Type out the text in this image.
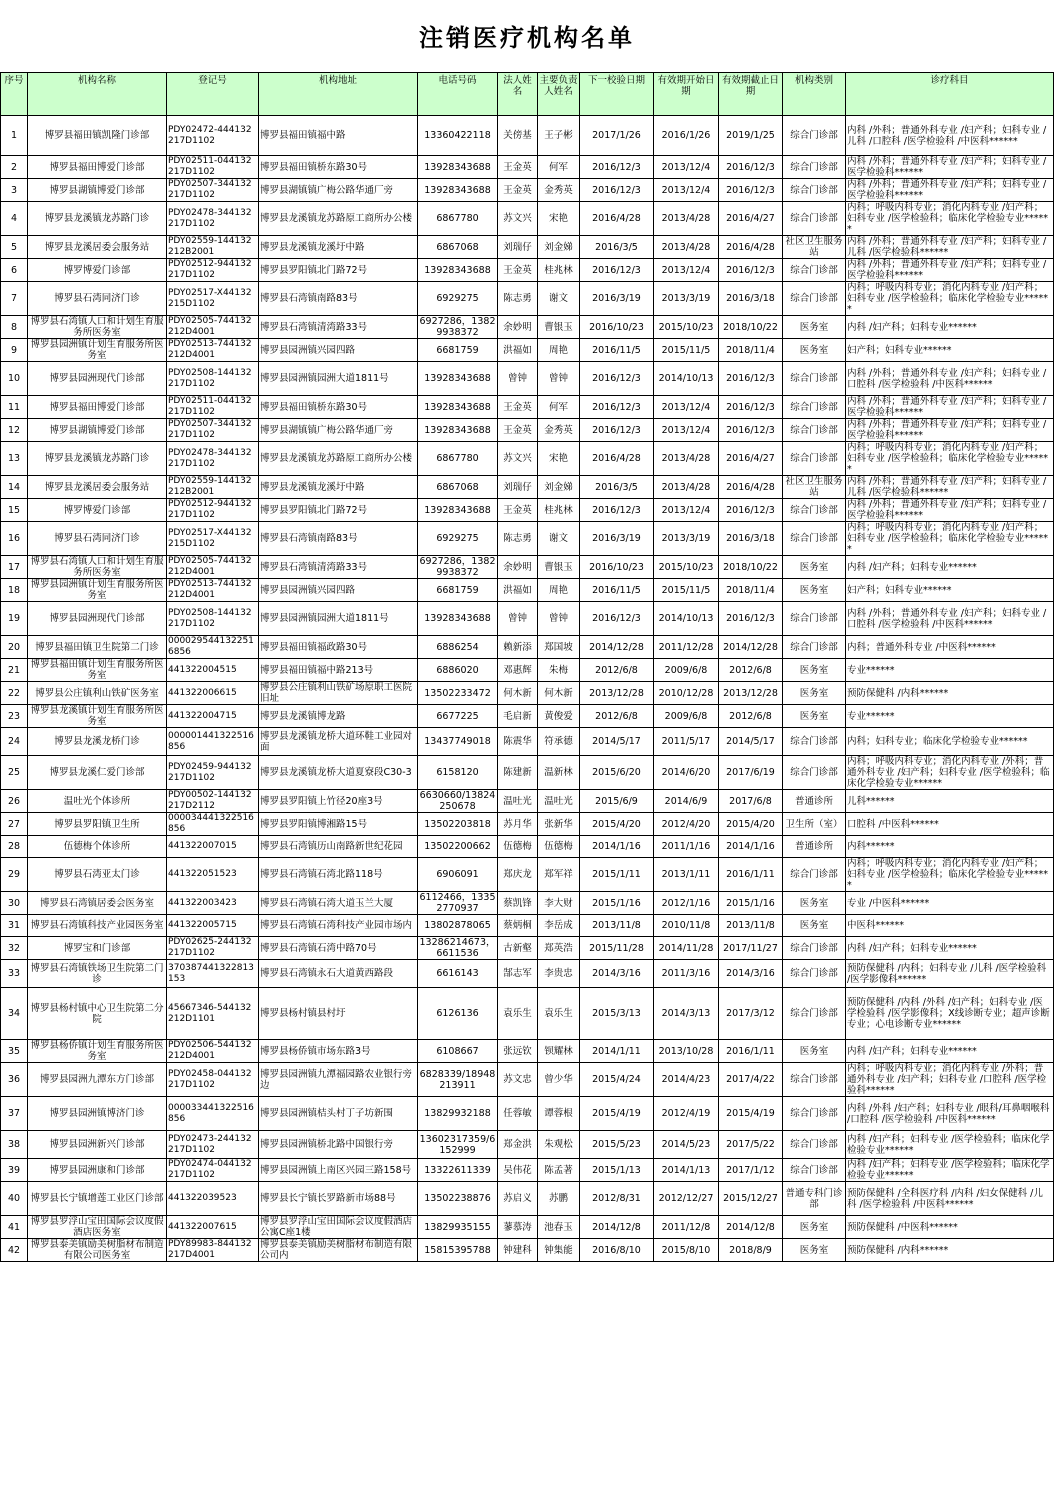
注销医疗机构名单
序号	机构名称	登记号	机构地址	电话号码	法人姓名	主要负责人姓名	下一校验日期	有效期开始日期	有效期截止日期	机构类别	诊疗科目
1	博罗县福田镇凯隆门诊部	PDY02472-444132217D1102	博罗县福田镇福中路	13360422118	关傍基	王子彬	2017/1/26	2016/1/26	2019/1/25	综合门诊部	内科 /外科；普通外科专业 /妇产科；妇科专业 /儿科 /口腔科 /医学检验科 /中医科******
2	博罗县福田博爱门诊部	PDY02511-044132217D1102	博罗县福田镇桥东路30号	13928343688	王金英	何军	2016/12/3	2013/12/4	2016/12/3	综合门诊部	内科 /外科；普通外科专业 /妇产科；妇科专业 /医学检验科******
3	博罗县湖镇博爱门诊部	PDY02507-344132217D1102	博罗县湖镇镇广梅公路华通厂旁	13928343688	王金英	金秀英	2016/12/3	2013/12/4	2016/12/3	综合门诊部	内科 /外科；普通外科专业 /妇产科；妇科专业 /医学检验科******
4	博罗县龙溪镇龙苏路门诊	PDY02478-344132217D1102	博罗县龙溪镇龙苏路原工商所办公楼	6867780	苏文兴	宋艳	2016/4/28	2013/4/28	2016/4/27	综合门诊部	内科；呼吸内科专业；消化内科专业 /妇产科；妇科专业 /医学检验科；临床化学检验专业******
5	博罗县龙溪居委会服务站	PDY02559-144132212B2001	博罗县龙溪镇龙溪圩中路	6867068	刘瑞仔	刘金娣	2016/3/5	2013/4/28	2016/4/28	社区卫生服务站	内科 /外科；普通外科专业 /妇产科；妇科专业 /儿科 /医学检验科******
6	博罗博爱门诊部	PDY02512-944132217D1102	博罗县罗阳镇北门路72号	13928343688	王金英	桂兆林	2016/12/3	2013/12/4	2016/12/3	综合门诊部	内科 /外科；普通外科专业 /妇产科；妇科专业 /医学检验科******
7	博罗县石湾同济门诊	PDY02517-X44132215D1102	博罗县石湾镇南路83号	6929275	陈志勇	谢文	2016/3/19	2013/3/19	2016/3/18	综合门诊部	内科；呼吸内科专业；消化内科专业 /妇产科；妇科专业 /医学检验科；临床化学检验专业******
8	博罗县石湾镇人口和计划生育服务所医务室	PDY02505-744132212D4001	博罗县石湾镇清湾路33号	6927286，13829938372	余妙明	曹银玉	2016/10/23	2015/10/23	2018/10/22	医务室	内科 /妇产科；妇科专业******
9	博罗县园洲镇计划生育服务所医务室	PDY02513-744132212D4001	博罗县园洲镇兴园四路	6681759	洪福如	周艳	2016/11/5	2015/11/5	2018/11/4	医务室	妇产科；妇科专业******
10	博罗县园洲现代门诊部	PDY02508-144132217D1102	博罗县园洲镇园洲大道1811号	13928343688	曾钟	曾钟	2016/12/3	2014/10/13	2016/12/3	综合门诊部	内科 /外科；普通外科专业 /妇产科；妇科专业 /口腔科 /医学检验科 /中医科******
11	博罗县福田博爱门诊部	PDY02511-044132217D1102	博罗县福田镇桥东路30号	13928343688	王金英	何军	2016/12/3	2013/12/4	2016/12/3	综合门诊部	内科 /外科；普通外科专业 /妇产科；妇科专业 /医学检验科******
12	博罗县湖镇博爱门诊部	PDY02507-344132217D1102	博罗县湖镇镇广梅公路华通厂旁	13928343688	王金英	金秀英	2016/12/3	2013/12/4	2016/12/3	综合门诊部	内科 /外科；普通外科专业 /妇产科；妇科专业 /医学检验科******
13	博罗县龙溪镇龙苏路门诊	PDY02478-344132217D1102	博罗县龙溪镇龙苏路原工商所办公楼	6867780	苏文兴	宋艳	2016/4/28	2013/4/28	2016/4/27	综合门诊部	内科；呼吸内科专业；消化内科专业 /妇产科；妇科专业 /医学检验科；临床化学检验专业******
14	博罗县龙溪居委会服务站	PDY02559-144132212B2001	博罗县龙溪镇龙溪圩中路	6867068	刘瑞仔	刘金娣	2016/3/5	2013/4/28	2016/4/28	社区卫生服务站	内科 /外科；普通外科专业 /妇产科；妇科专业 /儿科 /医学检验科******
15	博罗博爱门诊部	PDY02512-944132217D1102	博罗县罗阳镇北门路72号	13928343688	王金英	桂兆林	2016/12/3	2013/12/4	2016/12/3	综合门诊部	内科 /外科；普通外科专业 /妇产科；妇科专业 /医学检验科******
16	博罗县石湾同济门诊	PDY02517-X44132215D1102	博罗县石湾镇南路83号	6929275	陈志勇	谢文	2016/3/19	2013/3/19	2016/3/18	综合门诊部	内科；呼吸内科专业；消化内科专业 /妇产科；妇科专业 /医学检验科；临床化学检验专业******
17	博罗县石湾镇人口和计划生育服务所医务室	PDY02505-744132212D4001	博罗县石湾镇清湾路33号	6927286，13829938372	余妙明	曹银玉	2016/10/23	2015/10/23	2018/10/22	医务室	内科 /妇产科；妇科专业******
18	博罗县园洲镇计划生育服务所医务室	PDY02513-744132212D4001	博罗县园洲镇兴园四路	6681759	洪福如	周艳	2016/11/5	2015/11/5	2018/11/4	医务室	妇产科；妇科专业******
19	博罗县园洲现代门诊部	PDY02508-144132217D1102	博罗县园洲镇园洲大道1811号	13928343688	曾钟	曾钟	2016/12/3	2014/10/13	2016/12/3	综合门诊部	内科 /外科；普通外科专业 /妇产科；妇科专业 /口腔科 /医学检验科 /中医科******
20	博罗县福田镇卫生院第二门诊	000029544132251 6856	博罗县福田镇福政路30号	6886254	赖新添	郑国坡	2014/12/28	2011/12/28	2014/12/28	综合门诊部	内科；普通外科专业 /中医科******
21	博罗县福田镇计划生育服务所医务室	441322004515	博罗县福田镇福中路213号	6886020	邓惠辉	朱梅	2012/6/8	2009/6/8	2012/6/8	医务室	专业******
22	博罗县公庄镇利山铁矿医务室	441322006615	博罗县公庄镇利山铁矿场原职工医院旧址	13502233472	何木新	何木新	2013/12/28	2010/12/28	2013/12/28	医务室	预防保健科 /内科******
23	博罗县龙溪镇计划生育服务所医务室	441322004715	博罗县龙溪镇博龙路	6677225	毛启新	黄俊爱	2012/6/8	2009/6/8	2012/6/8	医务室	专业******
24	博罗县龙溪龙桥门诊	000001441322516856	博罗县龙溪镇龙桥大道环鞋工业园对面	13437749018	陈震华	符承德	2014/5/17	2011/5/17	2014/5/17	综合门诊部	内科；妇科专业；临床化学检验专业******
25	博罗县龙溪仁爱门诊部	PDY02459-944132217D1102	博罗县龙溪镇龙桥大道夏寮段C30-3	6158120	陈建新	温新林	2015/6/20	2014/6/20	2017/6/19	综合门诊部	内科；呼吸内科专业；消化内科专业 /外科；普通外科专业 /妇产科；妇科专业 /医学检验科；临床化学检验专业******
26	温吐光个体诊所	PDY00502-144132217D2112	博罗县罗阳镇上竹径20座3号	6630660/13824250678	温吐光	温吐光	2015/6/9	2014/6/9	2017/6/8	普通诊所	儿科******
27	博罗县罗阳镇卫生所	000034441322516856	博罗县罗阳镇博湘路15号	13502203818	苏月华	张新华	2015/4/20	2012/4/20	2015/4/20	卫生所（室）	口腔科 /中医科******
28	伍德梅个体诊所	441322007015	博罗县石湾镇历山南路新世纪花园	13502200662	伍德梅	伍德梅	2014/1/16	2011/1/16	2014/1/16	普通诊所	内科******
29	博罗县石湾亚太门诊	441322051523	博罗县石湾镇石湾北路118号	6906091	郑庆龙	郑军祥	2015/1/11	2013/1/11	2016/1/11	综合门诊部	内科；呼吸内科专业；消化内科专业 /妇产科；妇科专业 /医学检验科；临床化学检验专业******
30	博罗县石湾镇居委会医务室	441322003423	博罗县石湾镇石湾大道玉兰大厦	6112466，13352770937	蔡凯锋	李大财	2015/1/16	2012/1/16	2015/1/16	医务室	专业 /中医科******
31	博罗县石湾镇科技产业园医务室	441322005715	博罗县石湾镇石湾科技产业园市场内	13802878065	蔡炳桐	李岳成	2013/11/8	2010/11/8	2013/11/8	医务室	中医科******
32	博罗宝和门诊部	PDY02625-244132217D1102	博罗县石湾镇石湾中路70号	13286214673，6611536	古新壑	郑英浩	2015/11/28	2014/11/28	2017/11/27	综合门诊部	内科 /妇产科；妇科专业******
33	博罗县石湾镇铁场卫生院第二门诊	370387441322813153	博罗县石湾镇永石大道黄西路段	6616143	郜志军	李贵忠	2014/3/16	2011/3/16	2014/3/16	综合门诊部	预防保健科 /内科；妇科专业 /儿科 /医学检验科 /医学影像科******
34	博罗县杨村镇中心卫生院第二分院	45667346-544132212D1101	博罗县杨村镇县村圩	6126136	袁乐生	袁乐生	2015/3/13	2014/3/13	2017/3/12	综合门诊部	预防保健科 /内科 /外科 /妇产科；妇科专业 /医学检验科 /医学影像科；X线诊断专业；超声诊断专业；心电诊断专业******
35	博罗县杨侨镇计划生育服务所医务室	PDY02506-544132212D4001	博罗县杨侨镇市场东路3号	6108667	张远钦	钡耀林	2014/1/11	2013/10/28	2016/1/11	医务室	内科 /妇产科；妇科专业******
36	博罗县园洲九潭东方门诊部	PDY02458-044132217D1102	博罗县园洲镇九潭福园路农业银行旁边	6828339/18948213911	苏文忠	曾少华	2015/4/24	2014/4/23	2017/4/22	综合门诊部	内科；呼吸内科专业；消化内科专业 /外科；普通外科专业 /妇产科；妇科专业 /口腔科 /医学检验科******
37	博罗县园洲镇博济门诊	000033441322516856	博罗县园洲镇桔头村丁子坊新围	13829932188	任蓉敏	谭蓉根	2015/4/19	2012/4/19	2015/4/19	综合门诊部	内科 /外科 /妇产科；妇科专业 /眼科/耳鼻咽喉科 /口腔科 /医学检验科 /中医科******
38	博罗县园洲新兴门诊部	PDY02473-244132217D1102	博罗县园洲镇桥北路中国银行旁	13602317359/6152999	郑金洪	朱观松	2015/5/23	2014/5/23	2017/5/22	综合门诊部	内科 /妇产科；妇科专业 /医学检验科；临床化学检验专业******
39	博罗县园洲康和门诊部	PDY02474-044132217D1102	博罗县园洲镇上南区兴园三路158号	13322611339	吴伟花	陈孟著	2015/1/13	2014/1/13	2017/1/12	综合门诊部	内科 /妇产科；妇科专业 /医学检验科；临床化学检验专业******
40	博罗县长宁镇增莲工业区门诊部	441322039523	博罗县长宁镇长罗路新市场88号	13502238876	苏启义	苏鹏	2012/8/31	2012/12/27	2015/12/27	普通专科门诊部	预防保健科 /全科医疗科 /内科 /妇女保健科 /儿科 /医学检验科 /中医科******
41	博罗县罗浮山宝田国际会议度假酒店医务室	441322007615	博罗县罗浮山宝田国际会议度假酒店公寓C座1楼	13829935155	蓼慕涛	池春玉	2014/12/8	2011/12/8	2014/12/8	医务室	预防保健科 /中医科******
42	博罗县泰美镇励美树脂材布制造有限公司医务室	PDY89983-844132217D4001	博罗县泰美镇励美树脂材布制造有限公司内	15815395788	钟建科	钟集能	2016/8/10	2015/8/10	2018/8/9	医务室	预防保健科 /内科******
